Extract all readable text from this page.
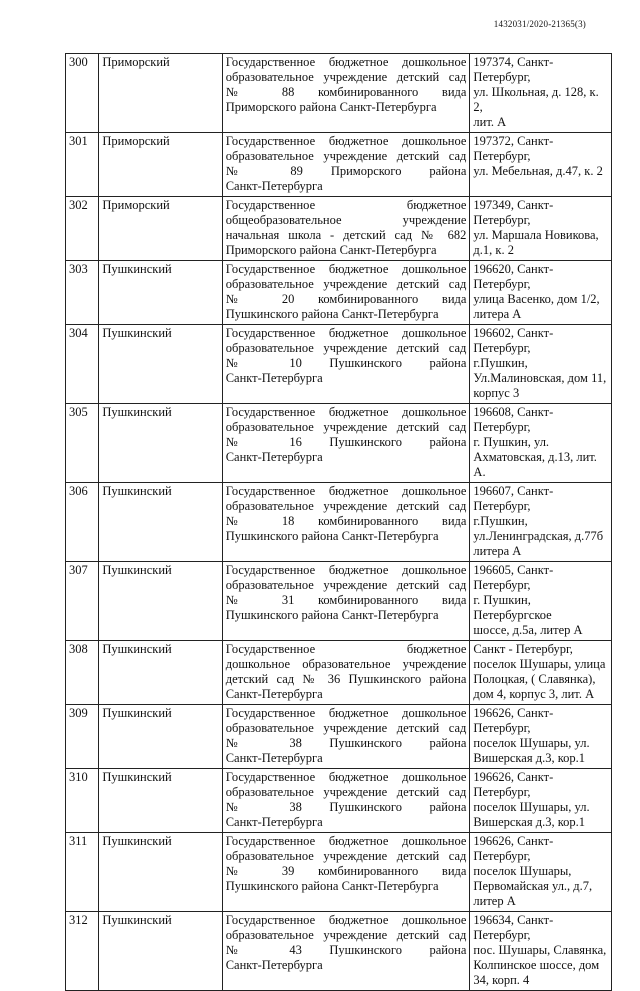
1432031/2020-21365(3)
300	Приморский	Государственное бюджетное дошкольное
образовательное учреждение детский сад
№ 88 комбинированного вида
Приморского района Санкт-Петербурга	197374, Санкт-Петербург,
ул. Школьная, д. 128, к. 2,
лит. А

301	Приморский	Государственное бюджетное дошкольное
образовательное учреждение детский сад
№ 89 Приморского района
Санкт-Петербурга	197372, Санкт-Петербург,
ул. Мебельная, д.47, к. 2

302	Приморский	Государственное бюджетное
общеобразовательное учреждение
начальная школа - детский сад № 682
Приморского района Санкт-Петербурга	197349, Санкт-Петербург,
ул. Маршала Новикова,
д.1, к. 2

303	Пушкинский	Государственное бюджетное дошкольное
образовательное учреждение детский сад
№ 20 комбинированного вида
Пушкинского района Санкт-Петербурга	196620, Санкт-Петербург,
улица Васенко, дом 1/2,
литера А

304	Пушкинский	Государственное бюджетное дошкольное
образовательное учреждение детский сад
№ 10 Пушкинского района
Санкт-Петербурга	196602, Санкт-Петербург,
г.Пушкин,
Ул.Малиновская, дом 11,
корпус 3

305	Пушкинский	Государственное бюджетное дошкольное
образовательное учреждение детский сад
№ 16 Пушкинского района
Санкт-Петербурга	196608, Санкт-Петербург,
г. Пушкин, ул.
Ахматовская, д.13, лит. А.

306	Пушкинский	Государственное бюджетное дошкольное
образовательное учреждение детский сад
№ 18 комбинированного вида
Пушкинского района Санкт-Петербурга	196607, Санкт-Петербург,
г.Пушкин,
ул.Ленинградская, д.77б
литера А

307	Пушкинский	Государственное бюджетное дошкольное
образовательное учреждение детский сад
№ 31 комбинированного вида
Пушкинского района Санкт-Петербурга	196605, Санкт-Петербург,
г. Пушкин, Петербургское
шоссе, д.5а, литер А

308	Пушкинский	Государственное бюджетное
дошкольное образовательное учреждение
детский сад № 36 Пушкинского района
Санкт-Петербурга	Санкт - Петербург,
поселок Шушары, улица
Полоцкая, ( Славянка),
дом 4, корпус 3, лит. А

309	Пушкинский	Государственное бюджетное дошкольное
образовательное учреждение детский сад
№ 38 Пушкинского района
Санкт-Петербурга	196626, Санкт-Петербург,
поселок Шушары, ул.
Вишерская д.3, кор.1

310	Пушкинский	Государственное бюджетное дошкольное
образовательное учреждение детский сад
№ 38 Пушкинского района
Санкт-Петербурга	196626, Санкт-Петербург,
поселок Шушары, ул.
Вишерская д.3, кор.1

311	Пушкинский	Государственное бюджетное дошкольное
образовательное учреждение детский сад
№ 39 комбинированного вида
Пушкинского района Санкт-Петербурга	196626, Санкт-Петербург,
поселок Шушары,
Первомайская ул., д.7,
литер А

312	Пушкинский	Государственное бюджетное дошкольное
образовательное учреждение детский сад
№ 43 Пушкинского района
Санкт-Петербурга	196634, Санкт-Петербург,
пос. Шушары, Славянка,
Колпинское шоссе, дом
34, корп. 4
